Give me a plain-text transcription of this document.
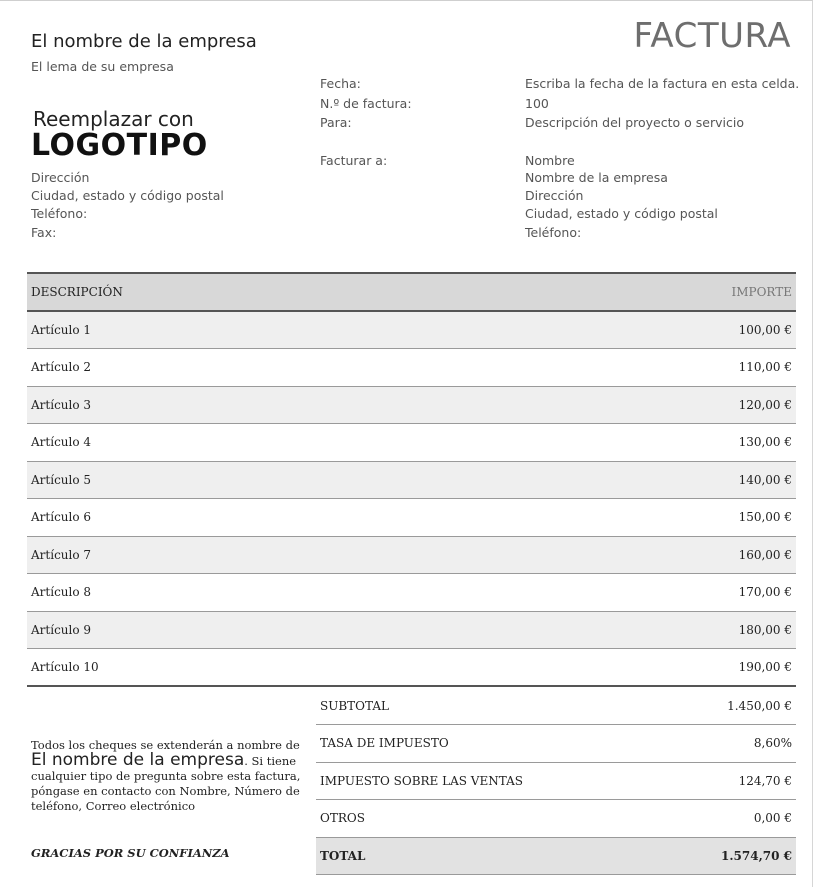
El nombre de la empresa
El lema de su empresa
FACTURA
Reemplazar con
LOGOTIPO
Dirección
Ciudad, estado y código postal
Teléfono:
Fax:
Fecha:	Escriba la fecha de la factura en esta celda.
N.º de factura:	100
Para:	Descripción del proyecto o servicio
Facturar a:	Nombre
Nombre de la empresa
Dirección
Ciudad, estado y código postal
Teléfono:
DESCRIPCIÓN	IMPORTE
Artículo 1	100,00 €
Artículo 2	110,00 €
Artículo 3	120,00 €
Artículo 4	130,00 €
Artículo 5	140,00 €
Artículo 6	150,00 €
Artículo 7	160,00 €
Artículo 8	170,00 €
Artículo 9	180,00 €
Artículo 10	190,00 €
SUBTOTAL	1.450,00 €
TASA DE IMPUESTO	8,60%
IMPUESTO SOBRE LAS VENTAS	124,70 €
OTROS	0,00 €
TOTAL	1.574,70 €
Todos los cheques se extenderán a nombre de
El nombre de la empresa. Si tiene cualquier tipo de pregunta sobre esta factura, póngase en contacto con Nombre, Número de teléfono, Correo electrónico
GRACIAS POR SU CONFIANZA
